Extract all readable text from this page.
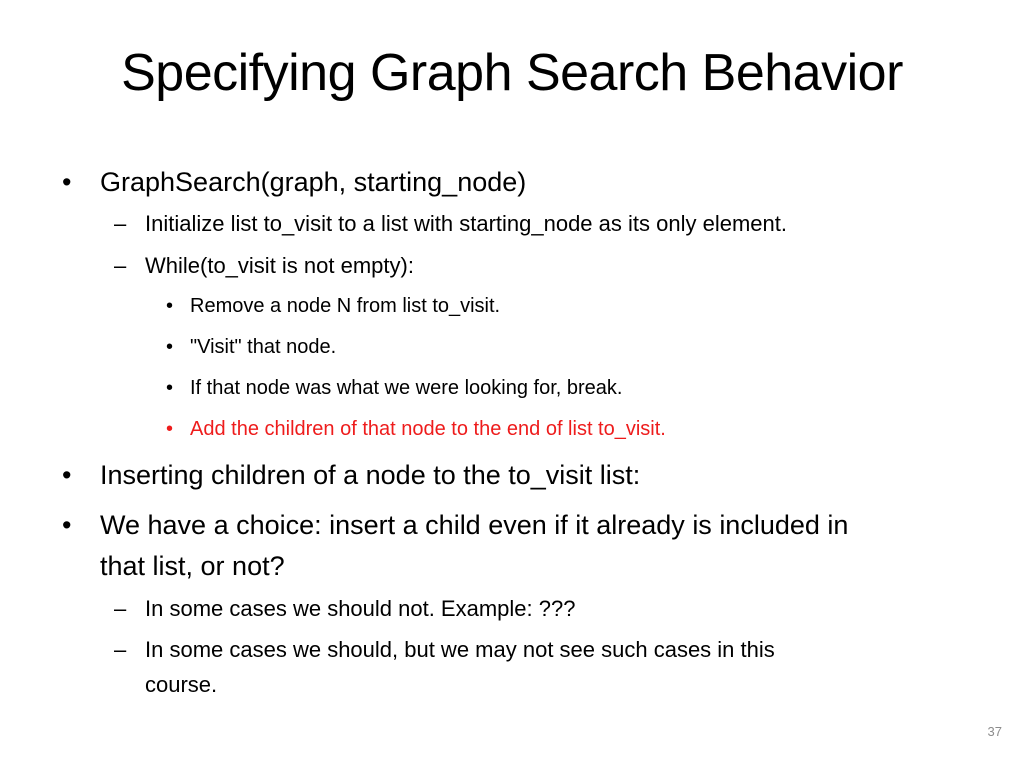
Specifying Graph Search Behavior
• GraphSearch(graph, starting_node)
– Initialize list to_visit to a list with starting_node as its only element.
– While(to_visit is not empty):
• Remove a node N from list to_visit.
• "Visit" that node.
• If that node was what we were looking for, break.
• Add the children of that node to the end of list to_visit.
• Inserting children of a node to the to_visit list:
• We have a choice: insert a child even if it already is included in
that list, or not?
– In some cases we should not. Example: ???
– In some cases we should, but we may not see such cases in this
course.
37
